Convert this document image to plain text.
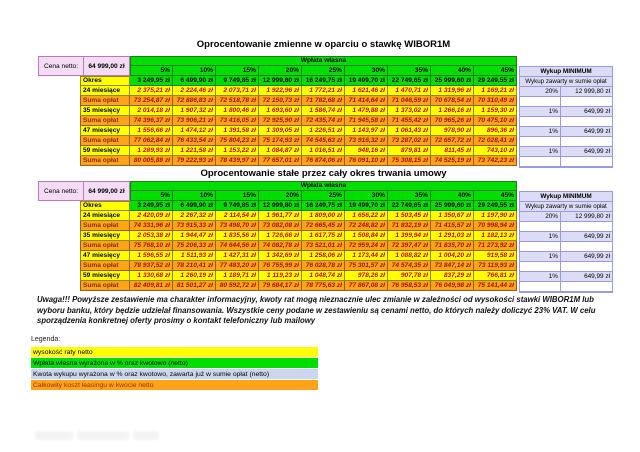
Oprocentowanie zmienne w oparciu o stawkę WIBOR1M
Cena netto:	64 999,00 zł
Wpłata własna
5%	10%	15%	20%	25%	30%	35%	40%	45%
Okres	3 249,95 zł	6 499,90 zł	9 749,85 zł	12 999,80 zł	16 249,75 zł	19 499,70 zł	22 749,65 zł	25 999,60 zł	29 249,55 zł
24 miesiące	2 375,21 zł	2 224,46 zł	2 073,71 zł	1 922,96 zł	1 772,21 zł	1 621,46 zł	1 470,71 zł	1 319,96 zł	1 169,21 zł
Suma opłat	73 254,87 zł	72 886,83 zł	72 518,78 zł	72 150,73 zł	71 782,68 zł	71 414,64 zł	71 046,59 zł	70 678,54 zł	70 310,49 zł
35 miesięcy	2 014,18 zł	1 907,32 zł	1 800,46 zł	1 693,60 zł	1 586,74 zł	1 479,88 zł	1 373,02 zł	1 266,16 zł	1 159,30 zł
Suma opłat	74 396,37 zł	73 906,21 zł	73 416,05 zł	72 925,90 zł	72 435,74 zł	71 945,58 zł	71 455,42 zł	70 965,26 zł	70 475,10 zł
47 miesięcy	1 556,66 zł	1 474,12 zł	1 391,58 zł	1 309,05 zł	1 226,51 zł	1 143,97 zł	1 061,43 zł	978,90 zł	896,36 zł
Suma opłat	77 062,84 zł	76 433,54 zł	75 804,23 zł	75 174,93 zł	74 545,63 zł	73 916,32 zł	73 287,02 zł	72 657,72 zł	72 028,41 zł
59 miesięcy	1 289,93 zł	1 221,58 zł	1 153,22 zł	1 084,87 zł	1 016,51 zł	948,16 zł	879,81 zł	811,45 zł	743,10 zł
Suma opłat	80 005,88 zł	79 222,93 zł	78 439,97 zł	77 657,01 zł	76 874,06 zł	76 091,10 zł	75 308,15 zł	74 525,19 zł	73 742,23 zł
Wykup MINIMUM
Wykup zawarty w sumie opłat
20%	12 999,80 zł
1%	649,99 zł
1%	649,99 zł
1%	649,99 zł
Oprocentowanie stałe przez cały okres trwania umowy
Cena netto:	64 999,00 zł
Wpłata własna
5%	10%	15%	20%	25%	30%	35%	40%	45%
Okres	3 249,95 zł	6 499,90 zł	9 749,85 zł	12 999,80 zł	16 249,75 zł	19 499,70 zł	22 749,65 zł	25 999,60 zł	29 249,55 zł
24 miesiące	2 420,09 zł	2 267,32 zł	2 114,54 zł	1 961,77 zł	1 809,00 zł	1 656,22 zł	1 503,45 zł	1 350,67 zł	1 197,90 zł
Suma opłat	74 331,96 zł	73 915,33 zł	73 498,70 zł	73 082,08 zł	72 665,45 zł	72 248,82 zł	71 832,19 zł	71 415,57 zł	70 998,94 zł
35 miesięcy	2 053,38 zł	1 944,47 zł	1 835,56 zł	1 726,66 zł	1 617,75 zł	1 508,84 zł	1 399,94 zł	1 291,03 zł	1 182,13 zł
Suma opłat	75 768,10 zł	75 206,33 zł	74 644,56 zł	74 082,78 zł	73 521,01 zł	72 959,24 zł	72 397,47 zł	71 835,70 zł	71 273,92 zł
47 miesięcy	1 596,55 zł	1 511,93 zł	1 427,31 zł	1 342,69 zł	1 258,06 zł	1 173,44 zł	1 088,82 zł	1 004,20 zł	919,58 zł
Suma opłat	78 937,52 zł	78 210,41 zł	77 483,20 zł	76 755,99 zł	76 028,78 zł	75 301,57 zł	74 574,35 zł	73 847,14 zł	73 119,93 zł
59 miesięcy	1 330,68 zł	1 260,19 zł	1 189,71 zł	1 119,23 zł	1 048,74 zł	978,26 zł	907,78 zł	837,29 zł	766,81 zł
Suma opłat	82 409,81 zł	81 501,27 zł	80 592,72 zł	79 684,17 zł	78 775,63 zł	77 867,08 zł	76 958,53 zł	76 049,98 zł	75 141,44 zł
Wykup MINIMUM
Wykup zawarty w sumie opłat
20%	12 999,80 zł
1%	649,99 zł
1%	649,99 zł
1%	649,99 zł
Uwaga!!! Powyższe zestawienie ma charakter informacyjny, kwoty rat mogą nieznacznie ulec zmianie w zależności od wysokości stawki WIBOR1M lub
wyboru banku, który będzie udzielał finansowania. Wszystkie ceny podane w zestawieniu są cenami netto, do których należy doliczyć 23% VAT. W celu
sporządzenia konkretnej oferty prosimy o kontakt telefoniczny lub mailowy
Legenda:
wysokość raty netto
Wpłata własna wyrażona w % oraz kwotowo (netto)
Kwota wykupu wyrażona w % oraz kwotowo, zawarta już w sumie opłat (netto)
Całkowity koszt leasingu w kwocie netto
